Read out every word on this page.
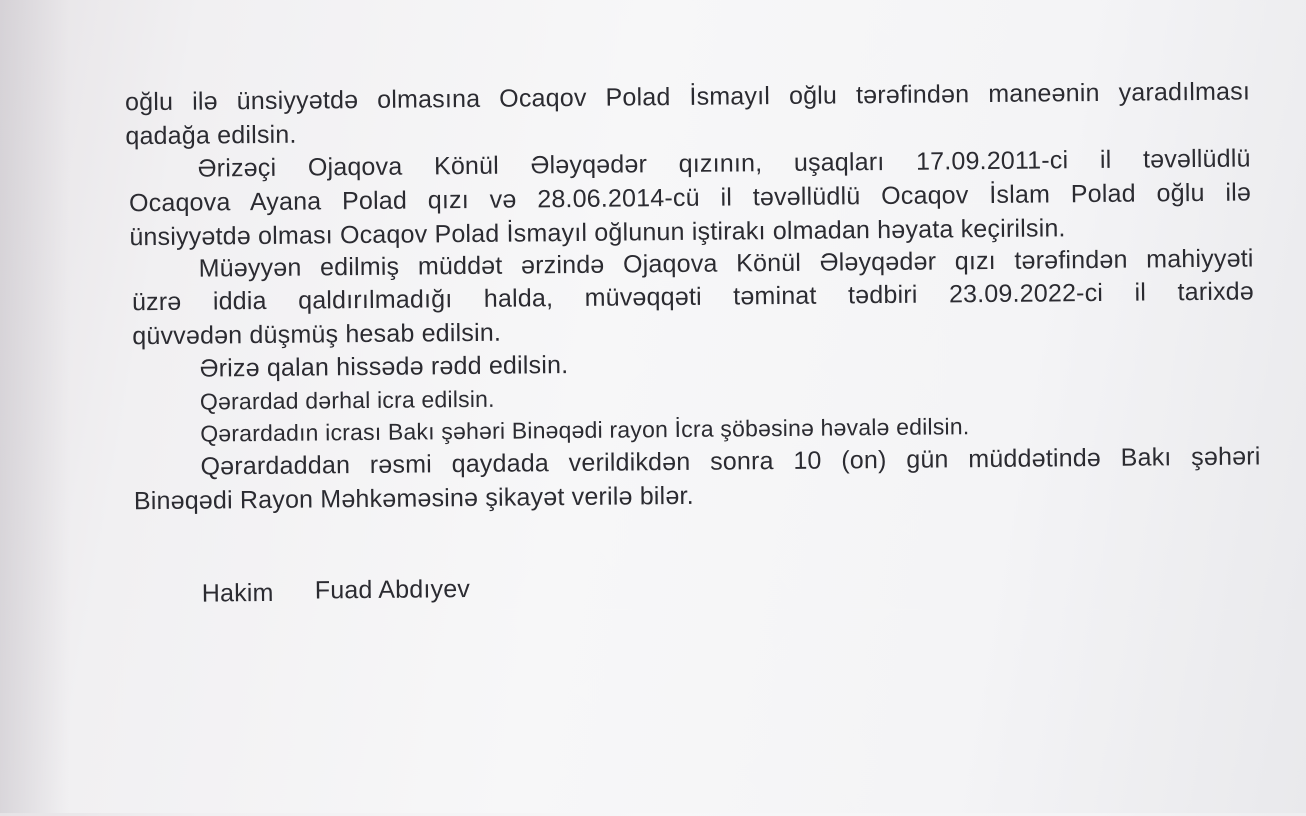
oğlu ilə ünsiyyətdə olmasına Ocaqov Polad İsmayıl oğlu tərəfindən maneənin yaradılması
qadağa edilsin.
Ərizəçi Ojaqova Könül Ələyqədər qızının, uşaqları 17.09.2011-ci il təvəllüdlü
Ocaqova Ayana Polad qızı və 28.06.2014-cü il təvəllüdlü Ocaqov İslam Polad oğlu ilə
ünsiyyətdə olması Ocaqov Polad İsmayıl oğlunun iştirakı olmadan həyata keçirilsin.
Müəyyən edilmiş müddət ərzində Ojaqova Könül Ələyqədər qızı tərəfindən mahiyyəti
üzrə iddia qaldırılmadığı halda, müvəqqəti təminat tədbiri 23.09.2022-ci il tarixdə
qüvvədən düşmüş hesab edilsin.
Ərizə qalan hissədə rədd edilsin.
Qərardad dərhal icra edilsin.
Qərardadın icrası Bakı şəhəri Binəqədi rayon İcra şöbəsinə həvalə edilsin.
Qərardaddan rəsmi qaydada verildikdən sonra 10 (on) gün müddətində Bakı şəhəri
Binəqədi Rayon Məhkəməsinə şikayət verilə bilər.
Hakim Fuad Abdıyev
